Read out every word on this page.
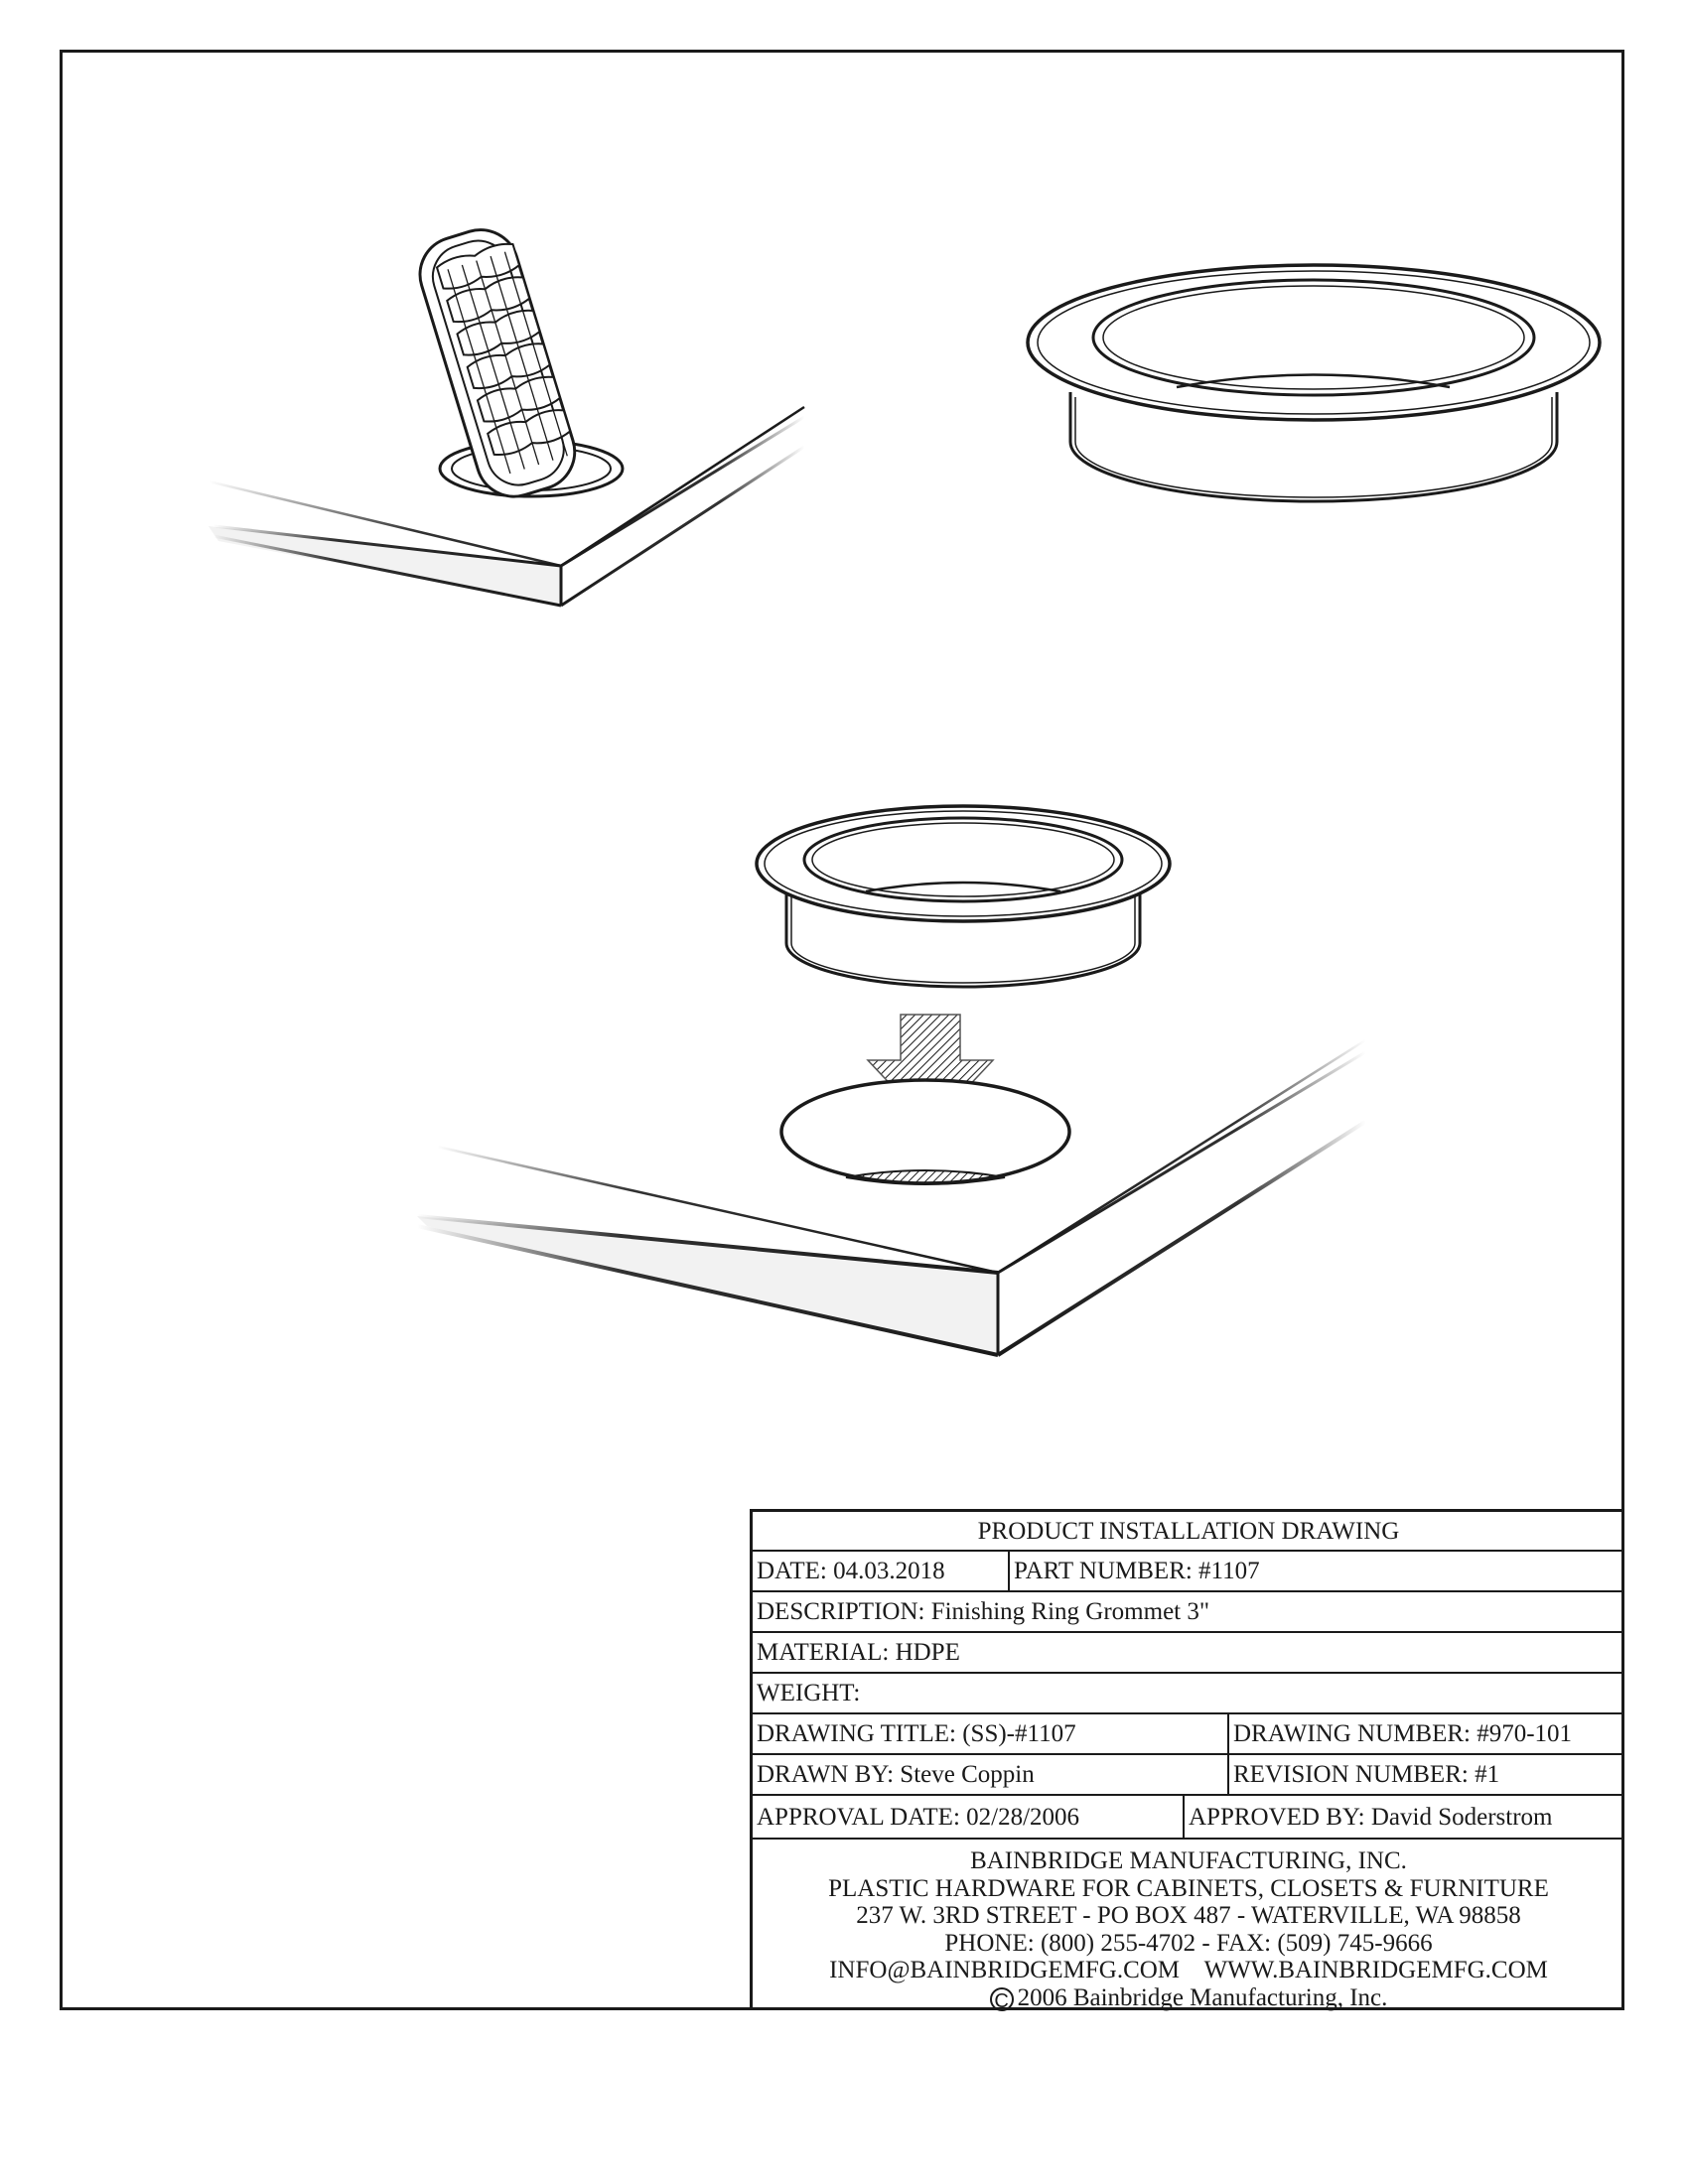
PRODUCT INSTALLATION DRAWING
DATE: 04.03.2018	PART NUMBER: #1107
DESCRIPTION: Finishing Ring Grommet 3"
MATERIAL: HDPE
WEIGHT:
DRAWING TITLE: (SS)-#1107	DRAWING NUMBER: #970-101
DRAWN BY: Steve Coppin	REVISION NUMBER: #1
APPROVAL DATE: 02/28/2006	APPROVED BY: David Soderstrom
BAINBRIDGE MANUFACTURING, INC.
PLASTIC HARDWARE FOR CABINETS, CLOSETS & FURNITURE
237 W. 3RD STREET - PO BOX 487 - WATERVILLE, WA 98858
PHONE: (800) 255-4702 - FAX: (509) 745-9666
INFO@BAINBRIDGEMFG.COM    WWW.BAINBRIDGEMFG.COM
C 2006 Bainbridge Manufacturing, Inc.
